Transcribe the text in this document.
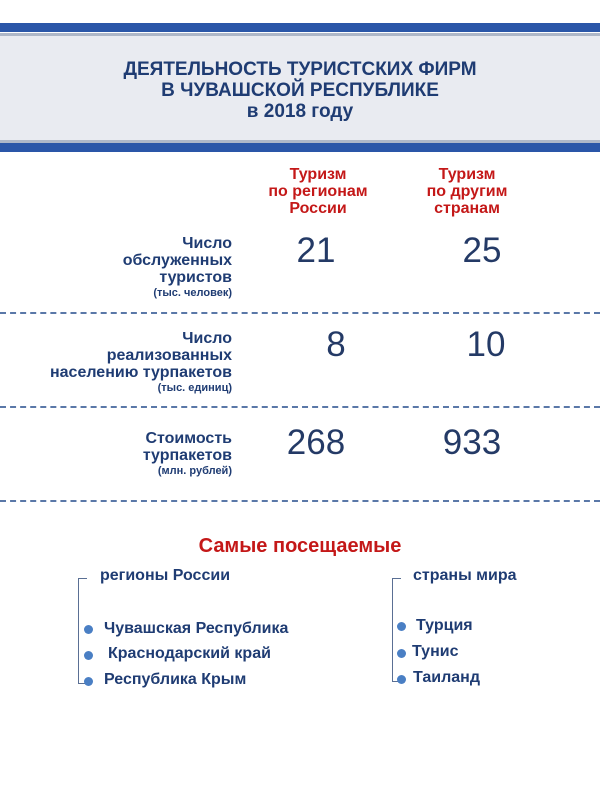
ДЕЯТЕЛЬНОСТЬ ТУРИСТСКИХ ФИРМ
В ЧУВАШСКОЙ РЕСПУБЛИКЕ
в 2018 году
Туризм
по регионам
России
Туризм
по другим
странам
Число
обслуженных
туристов
(тыс. человек)
21	25
Число
реализованных
населению турпакетов
(тыс. единиц)
8	10
Стоимость
турпакетов
(млн. рублей)
268	933
Самые посещаемые
регионы России
Чувашская Республика
Краснодарский край
Республика Крым
страны мира
Турция
Тунис
Таиланд
